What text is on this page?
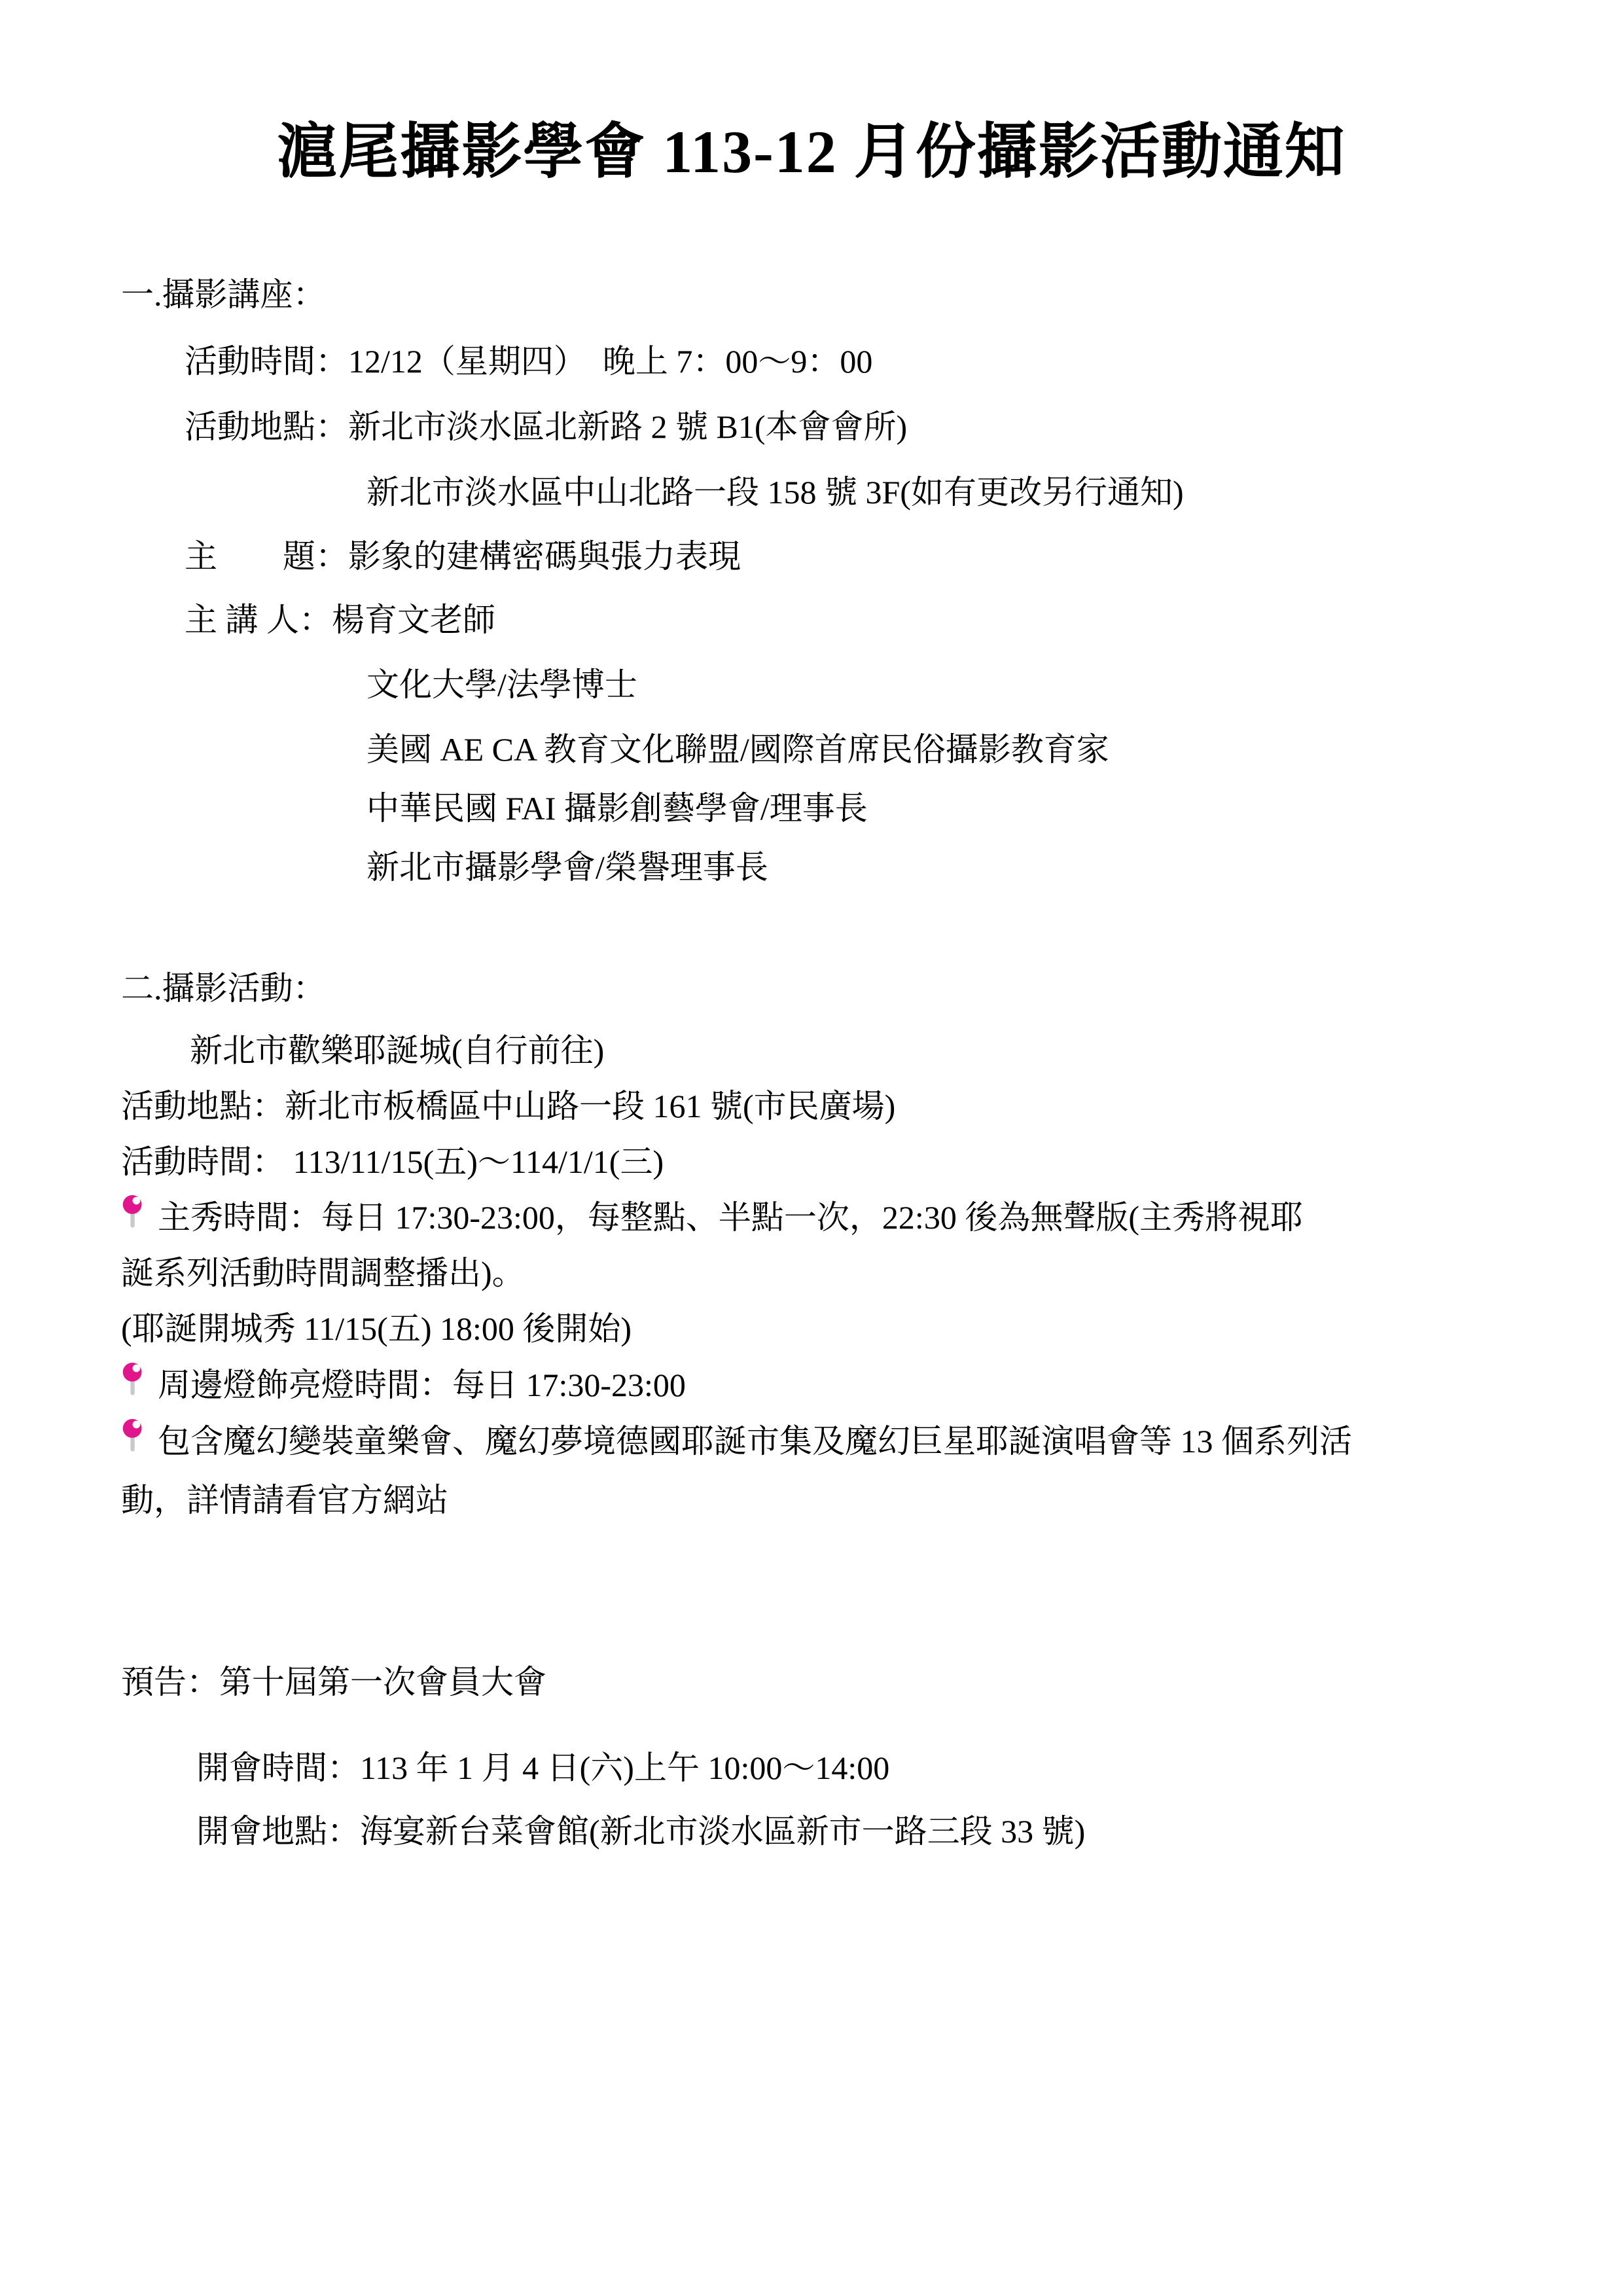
滬尾攝影學會 113-12 月份攝影活動通知
一.攝影講座：
活動時間：12/12（星期四）　晚上 7：00～9：00
活動地點：新北市淡水區北新路 2 號 B1(本會會所)
新北市淡水區中山北路一段 158 號 3F(如有更改另行通知)
主　　題：影象的建構密碼與張力表現
主 講 人：楊育文老師
文化大學/法學博士
美國 AE CA 教育文化聯盟/國際首席民俗攝影教育家
中華民國 FAI 攝影創藝學會/理事長
新北市攝影學會/榮譽理事長
二.攝影活動：
新北市歡樂耶誕城(自行前往)
活動地點：新北市板橋區中山路一段 161 號(市民廣場)
活動時間： 113/11/15(五)～114/1/1(三)
主秀時間：每日 17:30-23:00，每整點、半點一次，22:30 後為無聲版(主秀將視耶
誕系列活動時間調整播出)。
(耶誕開城秀 11/15(五) 18:00 後開始)
周邊燈飾亮燈時間：每日 17:30-23:00
包含魔幻變裝童樂會、魔幻夢境德國耶誕市集及魔幻巨星耶誕演唱會等 13 個系列活
動，詳情請看官方網站
預告：第十屆第一次會員大會
開會時間：113 年 1 月 4 日(六)上午 10:00～14:00
開會地點：海宴新台菜會館(新北市淡水區新市一路三段 33 號)
